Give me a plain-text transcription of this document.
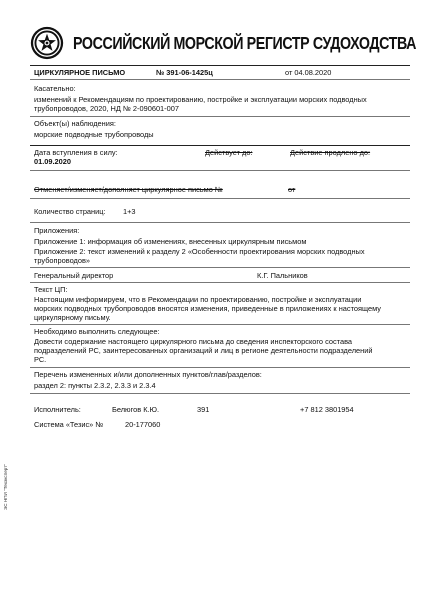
РОССИЙСКИЙ МОРСКОЙ РЕГИСТР СУДОХОДСТВА
ЦИРКУЛЯРНОЕ ПИСЬМО	№ 391-06-1425ц	от 04.08.2020
Касательно:
изменений к Рекомендациям по проектированию, постройке и эксплуатации морских подводных
трубопроводов, 2020, НД № 2-090601-007
Объект(ы) наблюдения:
морские подводные трубопроводы
Дата вступления в силу:
01.09.2020
Действует до:	Действие продлено до:
Отменяет/изменяет/дополняет циркулярное письмо №	от
Количество страниц: 1+3
Приложения:
Приложение 1: информация об изменениях, внесенных циркулярным письмом
Приложение 2: текст изменений к разделу 2 «Особенности проектирования морских подводных
трубопроводов»
Генеральный директор	К.Г. Пальников
Текст ЦП:
Настоящим информируем, что в Рекомендации по проектированию, постройке и эксплуатации
морских подводных трубопроводов вносятся изменения, приведенные в приложениях к настоящему
циркулярному письму.
Необходимо выполнить следующее:
Довести содержание настоящего циркулярного письма до сведения инспекторского состава
подразделений РС, заинтересованных организаций и лиц в регионе деятельности подразделений
РС.
Перечень измененных и/или дополненных пунктов/глав/разделов:
раздел 2: пункты 2.3.2, 2.3.3 и 2.3.4
Исполнитель:	Белюгов К.Ю.	391	+7 812 3801954
Система «Тезис» №	20-177060
ЭС НПИ "Техэксперт"
